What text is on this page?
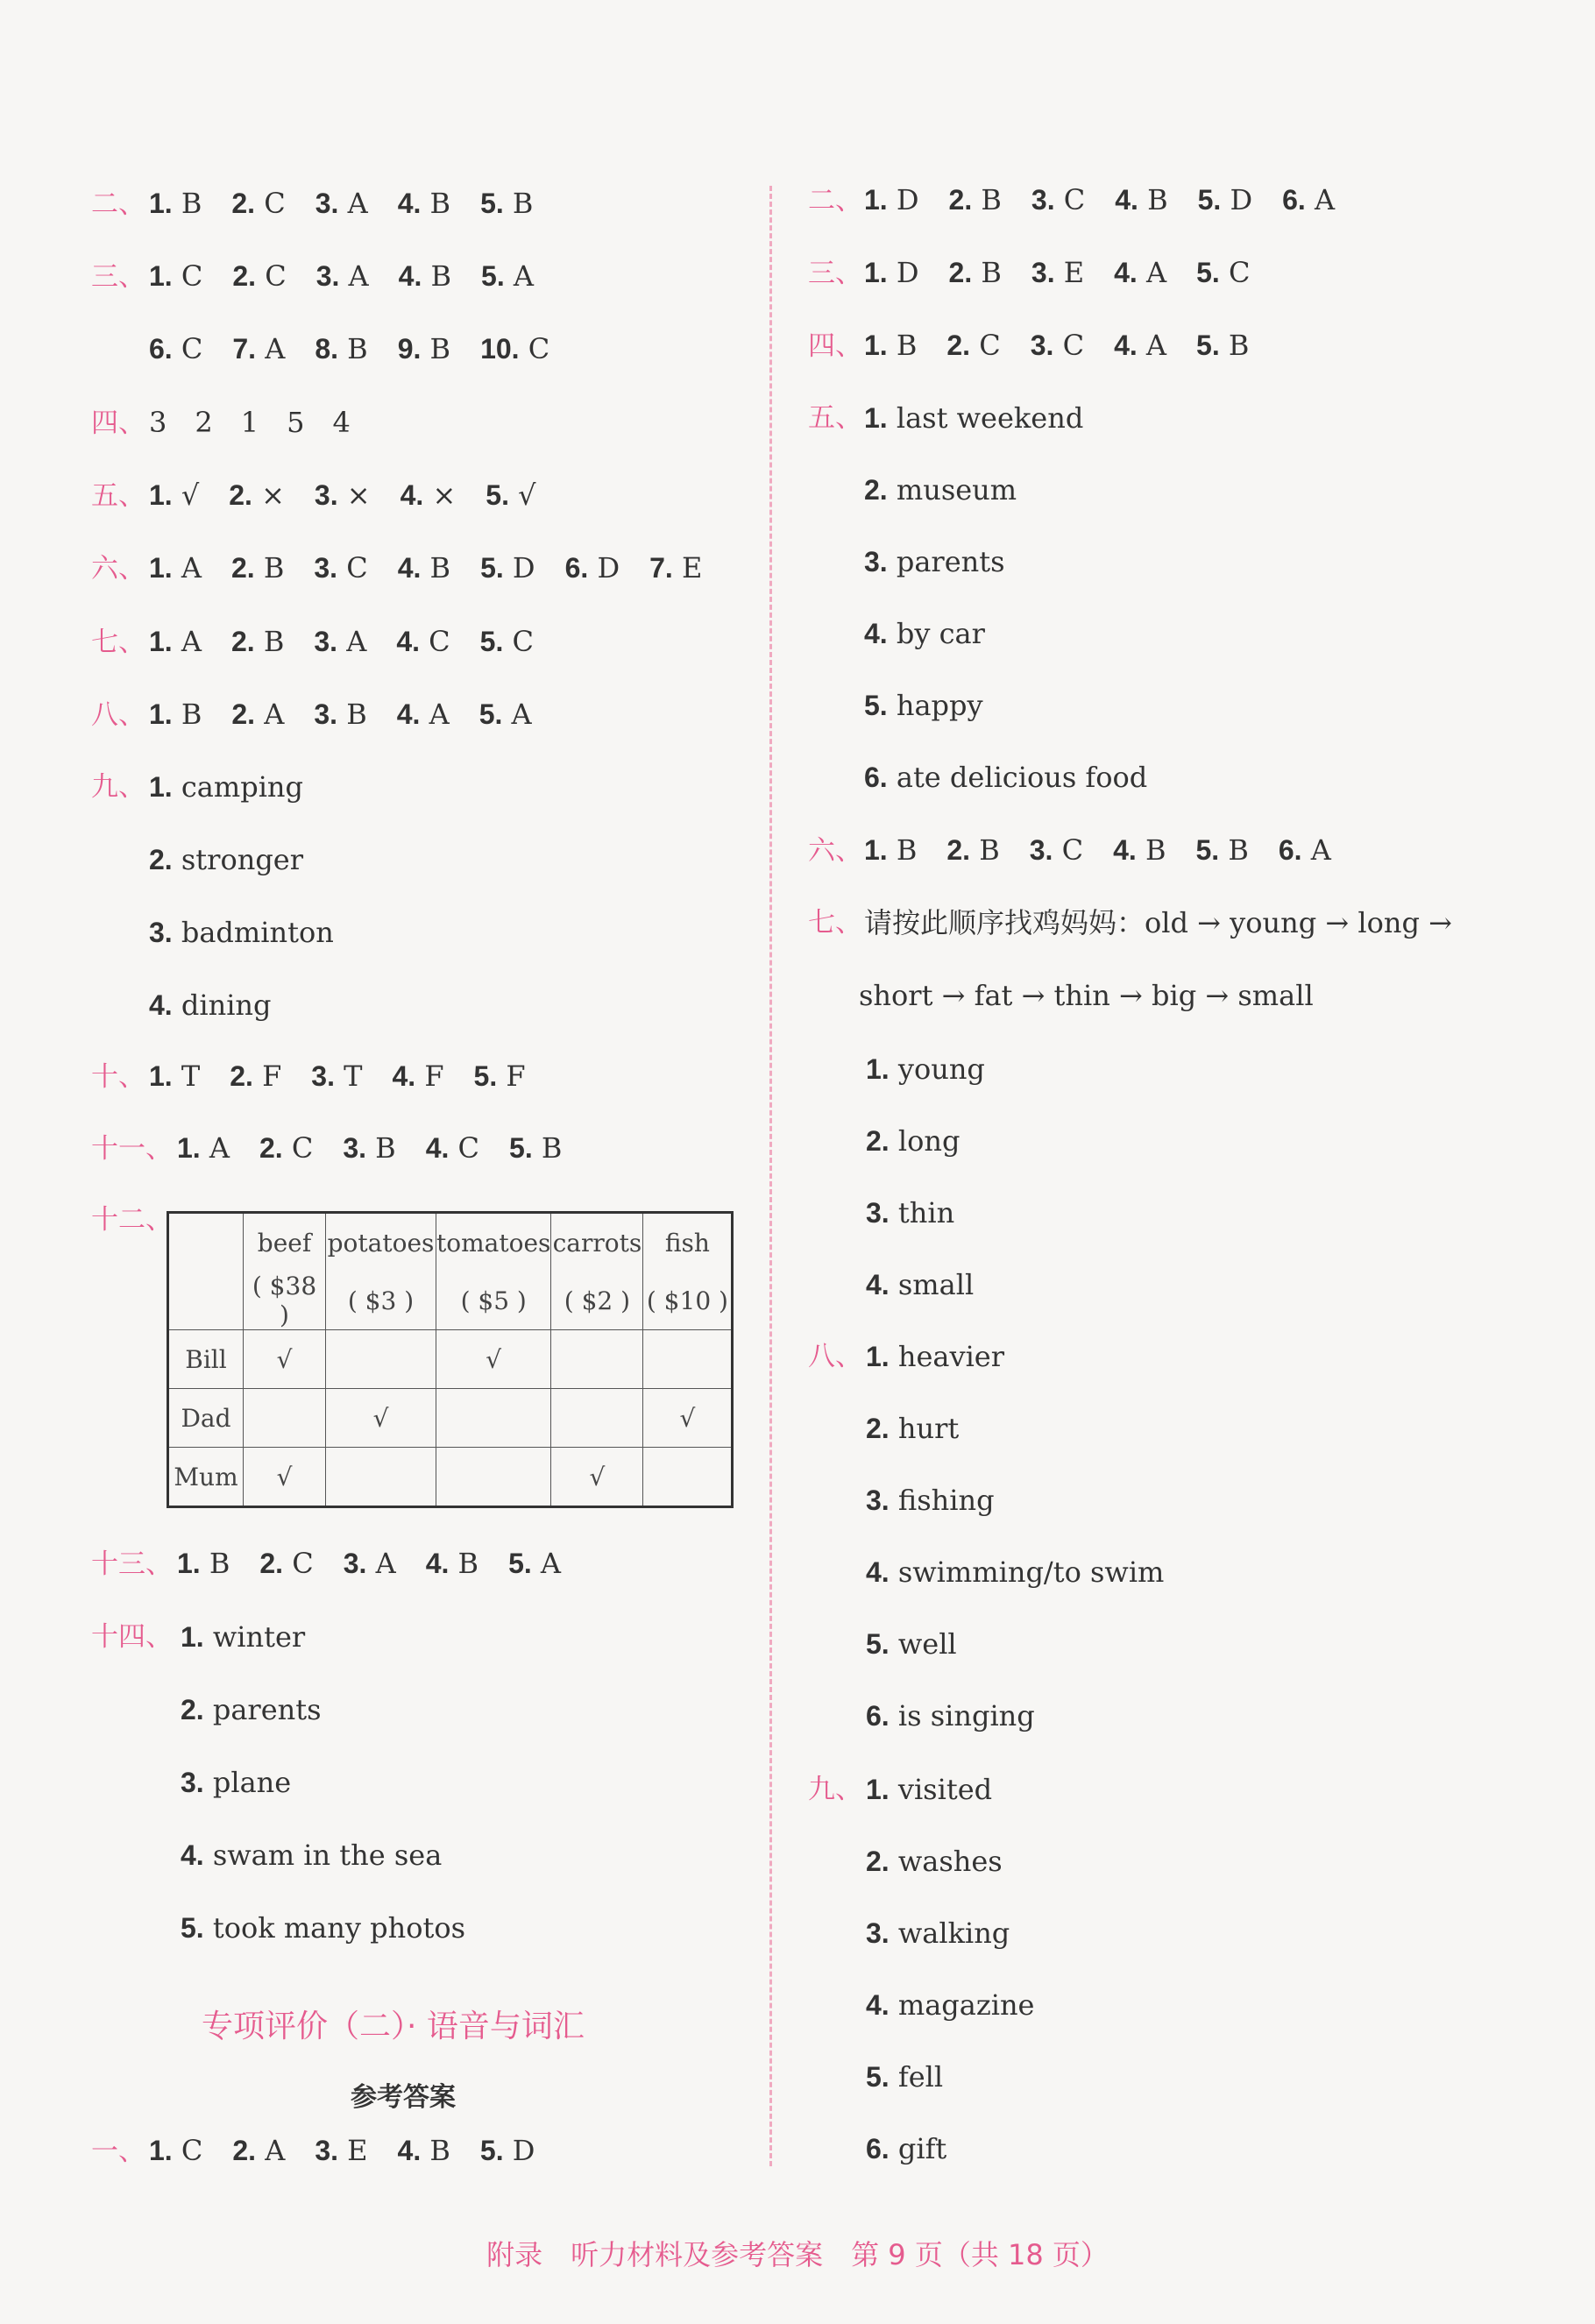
二、 1. B 2. C 3. A 4. B 5. B
三、 1. C 2. C 3. A 4. B 5. A
6. C 7. A 8. B 9. B 10. C
四、 3　2　1　5　4
五、 1. √ 2. × 3. × 4. × 5. √
六、 1. A 2. B 3. C 4. B 5. D 6. D 7. E
七、 1. A 2. B 3. A 4. C 5. C
八、 1. B 2. A 3. B 4. A 5. A
九、 1. camping
2. stronger
3. badminton
4. dining
十、 1. T 2. F 3. T 4. F 5. F
十一、 1. A 2. C 3. B 4. C 5. B
十二、
	beef	potatoes	tomatoes	carrots	fish
	( $38 )	( $3 )	( $5 )	( $2 )	( $10 )
Bill	√		√		
Dad		√			√
Mum	√			√	
十三、 1. B 2. C 3. A 4. B 5. A
十四、 1. winter
2. parents
3. plane
4. swam in the sea
5. took many photos
一、 1. C 2. A 3. E 4. B 5. D
二、1. D 2. B 3. C 4. B 5. D 6. A
三、1. D 2. B 3. E 4. A 5. C
四、1. B 2. C 3. C 4. A 5. B
五、 1. last weekend
2. museum
3. parents
4. by car
5. happy
6. ate delicious food
六、1. B 2. B 3. C 4. B 5. B 6. A
七、 请按此顺序找鸡妈妈：old → young → long →
short → fat → thin → big → small
1. young
2. long
3. thin
4. small
八、 1. heavier
2. hurt
3. fishing
4. swimming/to swim
5. well
6. is singing
九、 1. visited
2. washes
3. walking
4. magazine
5. fell
6. gift
专项评价（二）· 语音与词汇
参考答案
附录　听力材料及参考答案　第 9 页（共 18 页）
